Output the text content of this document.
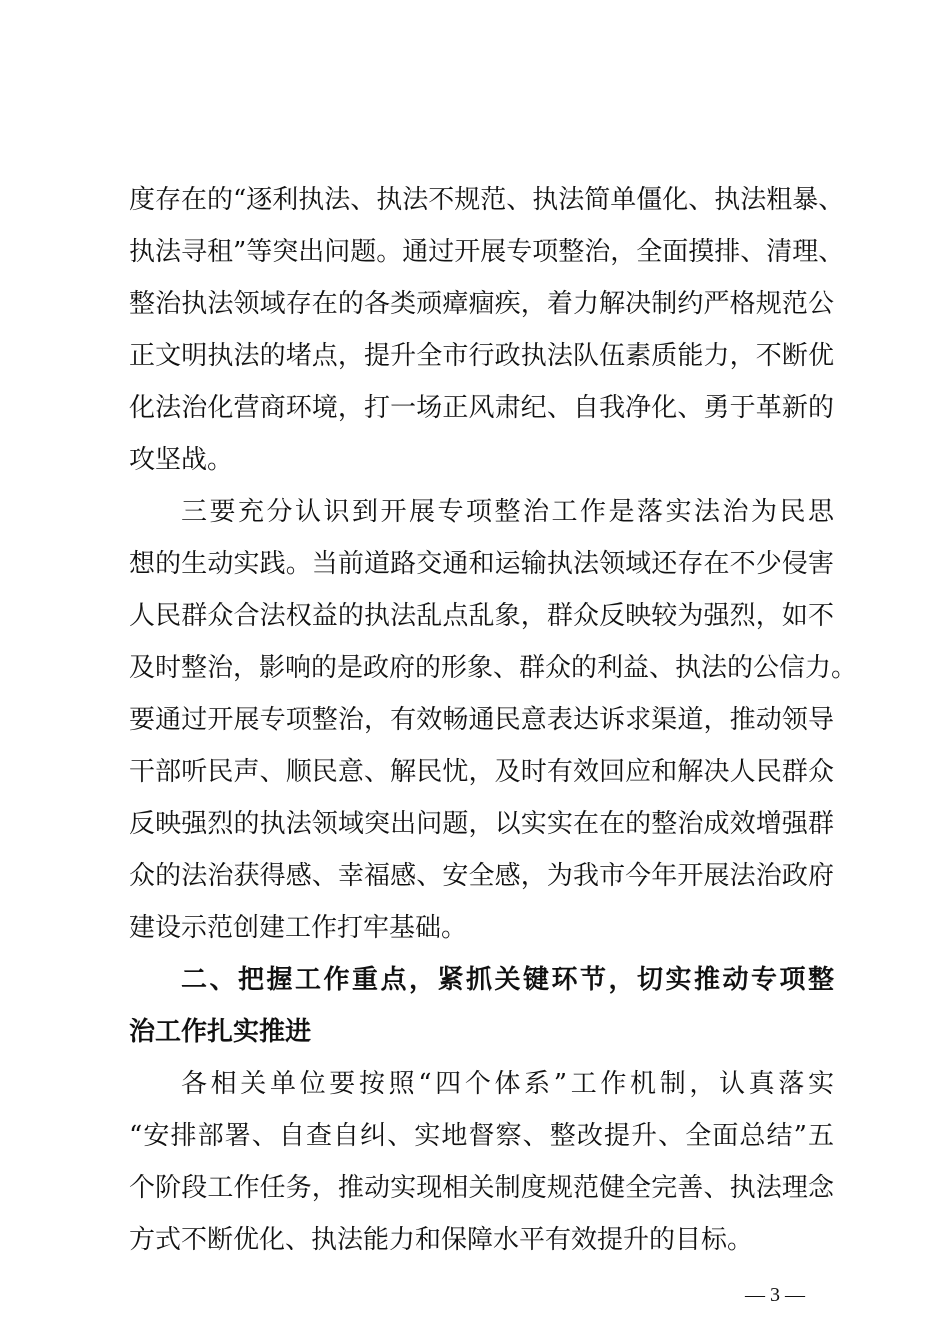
度存在的“逐利执法、执法不规范、执法简单僵化、执法粗暴、
执法寻租”等突出问题。通过开展专项整治，全面摸排、清理、
整治执法领域存在的各类顽瘴痼疾，着力解决制约严格规范公
正文明执法的堵点，提升全市行政执法队伍素质能力，不断优
化法治化营商环境，打一场正风肃纪、自我净化、勇于革新的
攻坚战。
三要充分认识到开展专项整治工作是落实法治为民思
想的生动实践。当前道路交通和运输执法领域还存在不少侵害
人民群众合法权益的执法乱点乱象，群众反映较为强烈，如不
及时整治，影响的是政府的形象、群众的利益、执法的公信力。
要通过开展专项整治，有效畅通民意表达诉求渠道，推动领导
干部听民声、顺民意、解民忧，及时有效回应和解决人民群众
反映强烈的执法领域突出问题，以实实在在的整治成效增强群
众的法治获得感、幸福感、安全感，为我市今年开展法治政府
建设示范创建工作打牢基础。
二、把握工作重点，紧抓关键环节，切实推动专项整
治工作扎实推进
各相关单位要按照“四个体系”工作机制，认真落实
“安排部署、自查自纠、实地督察、整改提升、全面总结”五
个阶段工作任务，推动实现相关制度规范健全完善、执法理念
方式不断优化、执法能力和保障水平有效提升的目标。
— 3 —
